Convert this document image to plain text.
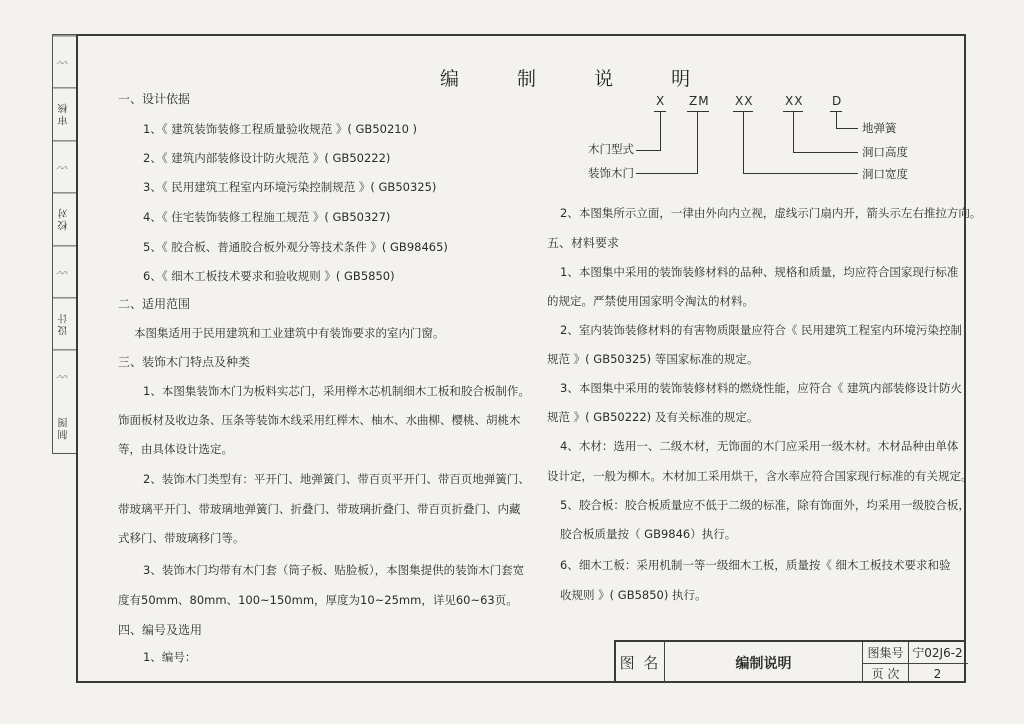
〰
审核
〰
校对
〰
设计
〰
制图
编 制 说 明
一、设计依据
1、《 建筑装饰装修工程质量验收规范 》( GB50210 )
2、《 建筑内部装修设计防火规范 》( GB50222)
3、《 民用建筑工程室内环境污染控制规范 》( GB50325)
4、《 住宅装饰装修工程施工规范 》( GB50327)
5、《 胶合板、普通胶合板外观分等技术条件 》( GB98465)
6、《 细木工板技术要求和验收规则 》( GB5850)
二、适用范围
本图集适用于民用建筑和工业建筑中有装饰要求的室内门窗。
三、装饰木门特点及种类
1、本图集装饰木门为板料实芯门，采用榉木芯机制细木工板和胶合板制作。
饰面板材及收边条、压条等装饰木线采用红榉木、柚木、水曲柳、樱桃、胡桃木
等，由具体设计选定。
2、装饰木门类型有：平开门、地弹簧门、带百页平开门、带百页地弹簧门、
带玻璃平开门、带玻璃地弹簧门、折叠门、带玻璃折叠门、带百页折叠门、内藏
式移门、带玻璃移门等。
3、装饰木门均带有木门套（筒子板、贴脸板），本图集提供的装饰木门套宽
度有50mm、80mm、100~150mm，厚度为10~25mm，详见60~63页。
四、编号及选用
1、编号：
X ZM XX	XX D
木门型式
装饰木门
地弹簧
洞口高度
洞口宽度
2、本图集所示立面，一律由外向内立视，虚线示门扇内开，箭头示左右推拉方向。
五、材料要求
1、本图集中采用的装饰装修材料的品种、规格和质量，均应符合国家现行标准
的规定。严禁使用国家明令淘汰的材料。
2、室内装饰装修材料的有害物质限量应符合《 民用建筑工程室内环境污染控制
规范 》( GB50325) 等国家标准的规定。
3、本图集中采用的装饰装修材料的燃烧性能，应符合《 建筑内部装修设计防火
规范 》( GB50222) 及有关标准的规定。
4、木材：选用一、二级木材，无饰面的木门应采用一级木材。木材品种由单体
设计定，一般为柳木。木材加工采用烘干，含水率应符合国家现行标准的有关规定。
5、胶合板：胶合板质量应不低于二级的标准，除有饰面外，均采用一级胶合板，
胶合板质量按（ GB9846）执行。
6、细木工板：采用机制一等一级细木工板，质量按《 细木工板技术要求和验
收规则 》( GB5850) 执行。
图 名	编制说明
图集号 宁02J6-2
页 次	2
